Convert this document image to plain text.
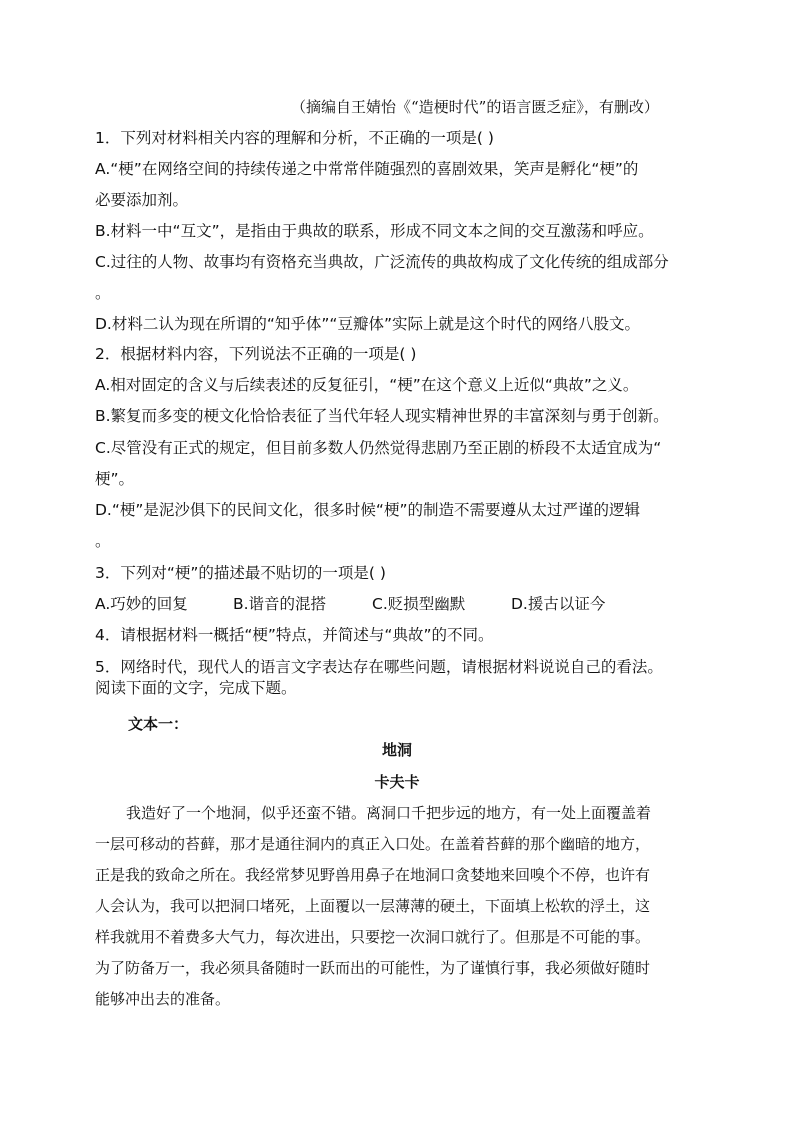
（摘编自王婧怡《“造梗时代”的语言匮乏症》，有删改）
1．下列对材料相关内容的理解和分析，不正确的一项是( )
A.“梗”在网络空间的持续传递之中常常伴随强烈的喜剧效果，笑声是孵化“梗”的
必要添加剂。
B.材料一中“互文”，是指由于典故的联系，形成不同文本之间的交互激荡和呼应。
C.过往的人物、故事均有资格充当典故，广泛流传的典故构成了文化传统的组成部分
。
D.材料二认为现在所谓的“知乎体”“豆瓣体”实际上就是这个时代的网络八股文。
2．根据材料内容，下列说法不正确的一项是( )
A.相对固定的含义与后续表述的反复征引，“梗”在这个意义上近似“典故”之义。
B.繁复而多变的梗文化恰恰表征了当代年轻人现实精神世界的丰富深刻与勇于创新。
C.尽管没有正式的规定，但目前多数人仍然觉得悲剧乃至正剧的桥段不太适宜成为“
梗”。
D.“梗”是泥沙俱下的民间文化，很多时候“梗”的制造不需要遵从太过严谨的逻辑
。
3．下列对“梗”的描述最不贴切的一项是( )
A.巧妙的回复	B.谐音的混搭	C.贬损型幽默	D.援古以证今
4．请根据材料一概括“梗”特点，并简述与“典故”的不同。
5．网络时代，现代人的语言文字表达存在哪些问题，请根据材料说说自己的看法。
阅读下面的文字，完成下题。
文本一：
地洞
卡夫卡
我造好了一个地洞，似乎还蛮不错。离洞口千把步远的地方，有一处上面覆盖着
一层可移动的苔藓，那才是通往洞内的真正入口处。在盖着苔藓的那个幽暗的地方，
正是我的致命之所在。我经常梦见野兽用鼻子在地洞口贪婪地来回嗅个不停，也许有
人会认为，我可以把洞口堵死，上面覆以一层薄薄的硬土，下面填上松软的浮土，这
样我就用不着费多大气力，每次进出，只要挖一次洞口就行了。但那是不可能的事。
为了防备万一，我必须具备随时一跃而出的可能性，为了谨慎行事，我必须做好随时
能够冲出去的准备。
